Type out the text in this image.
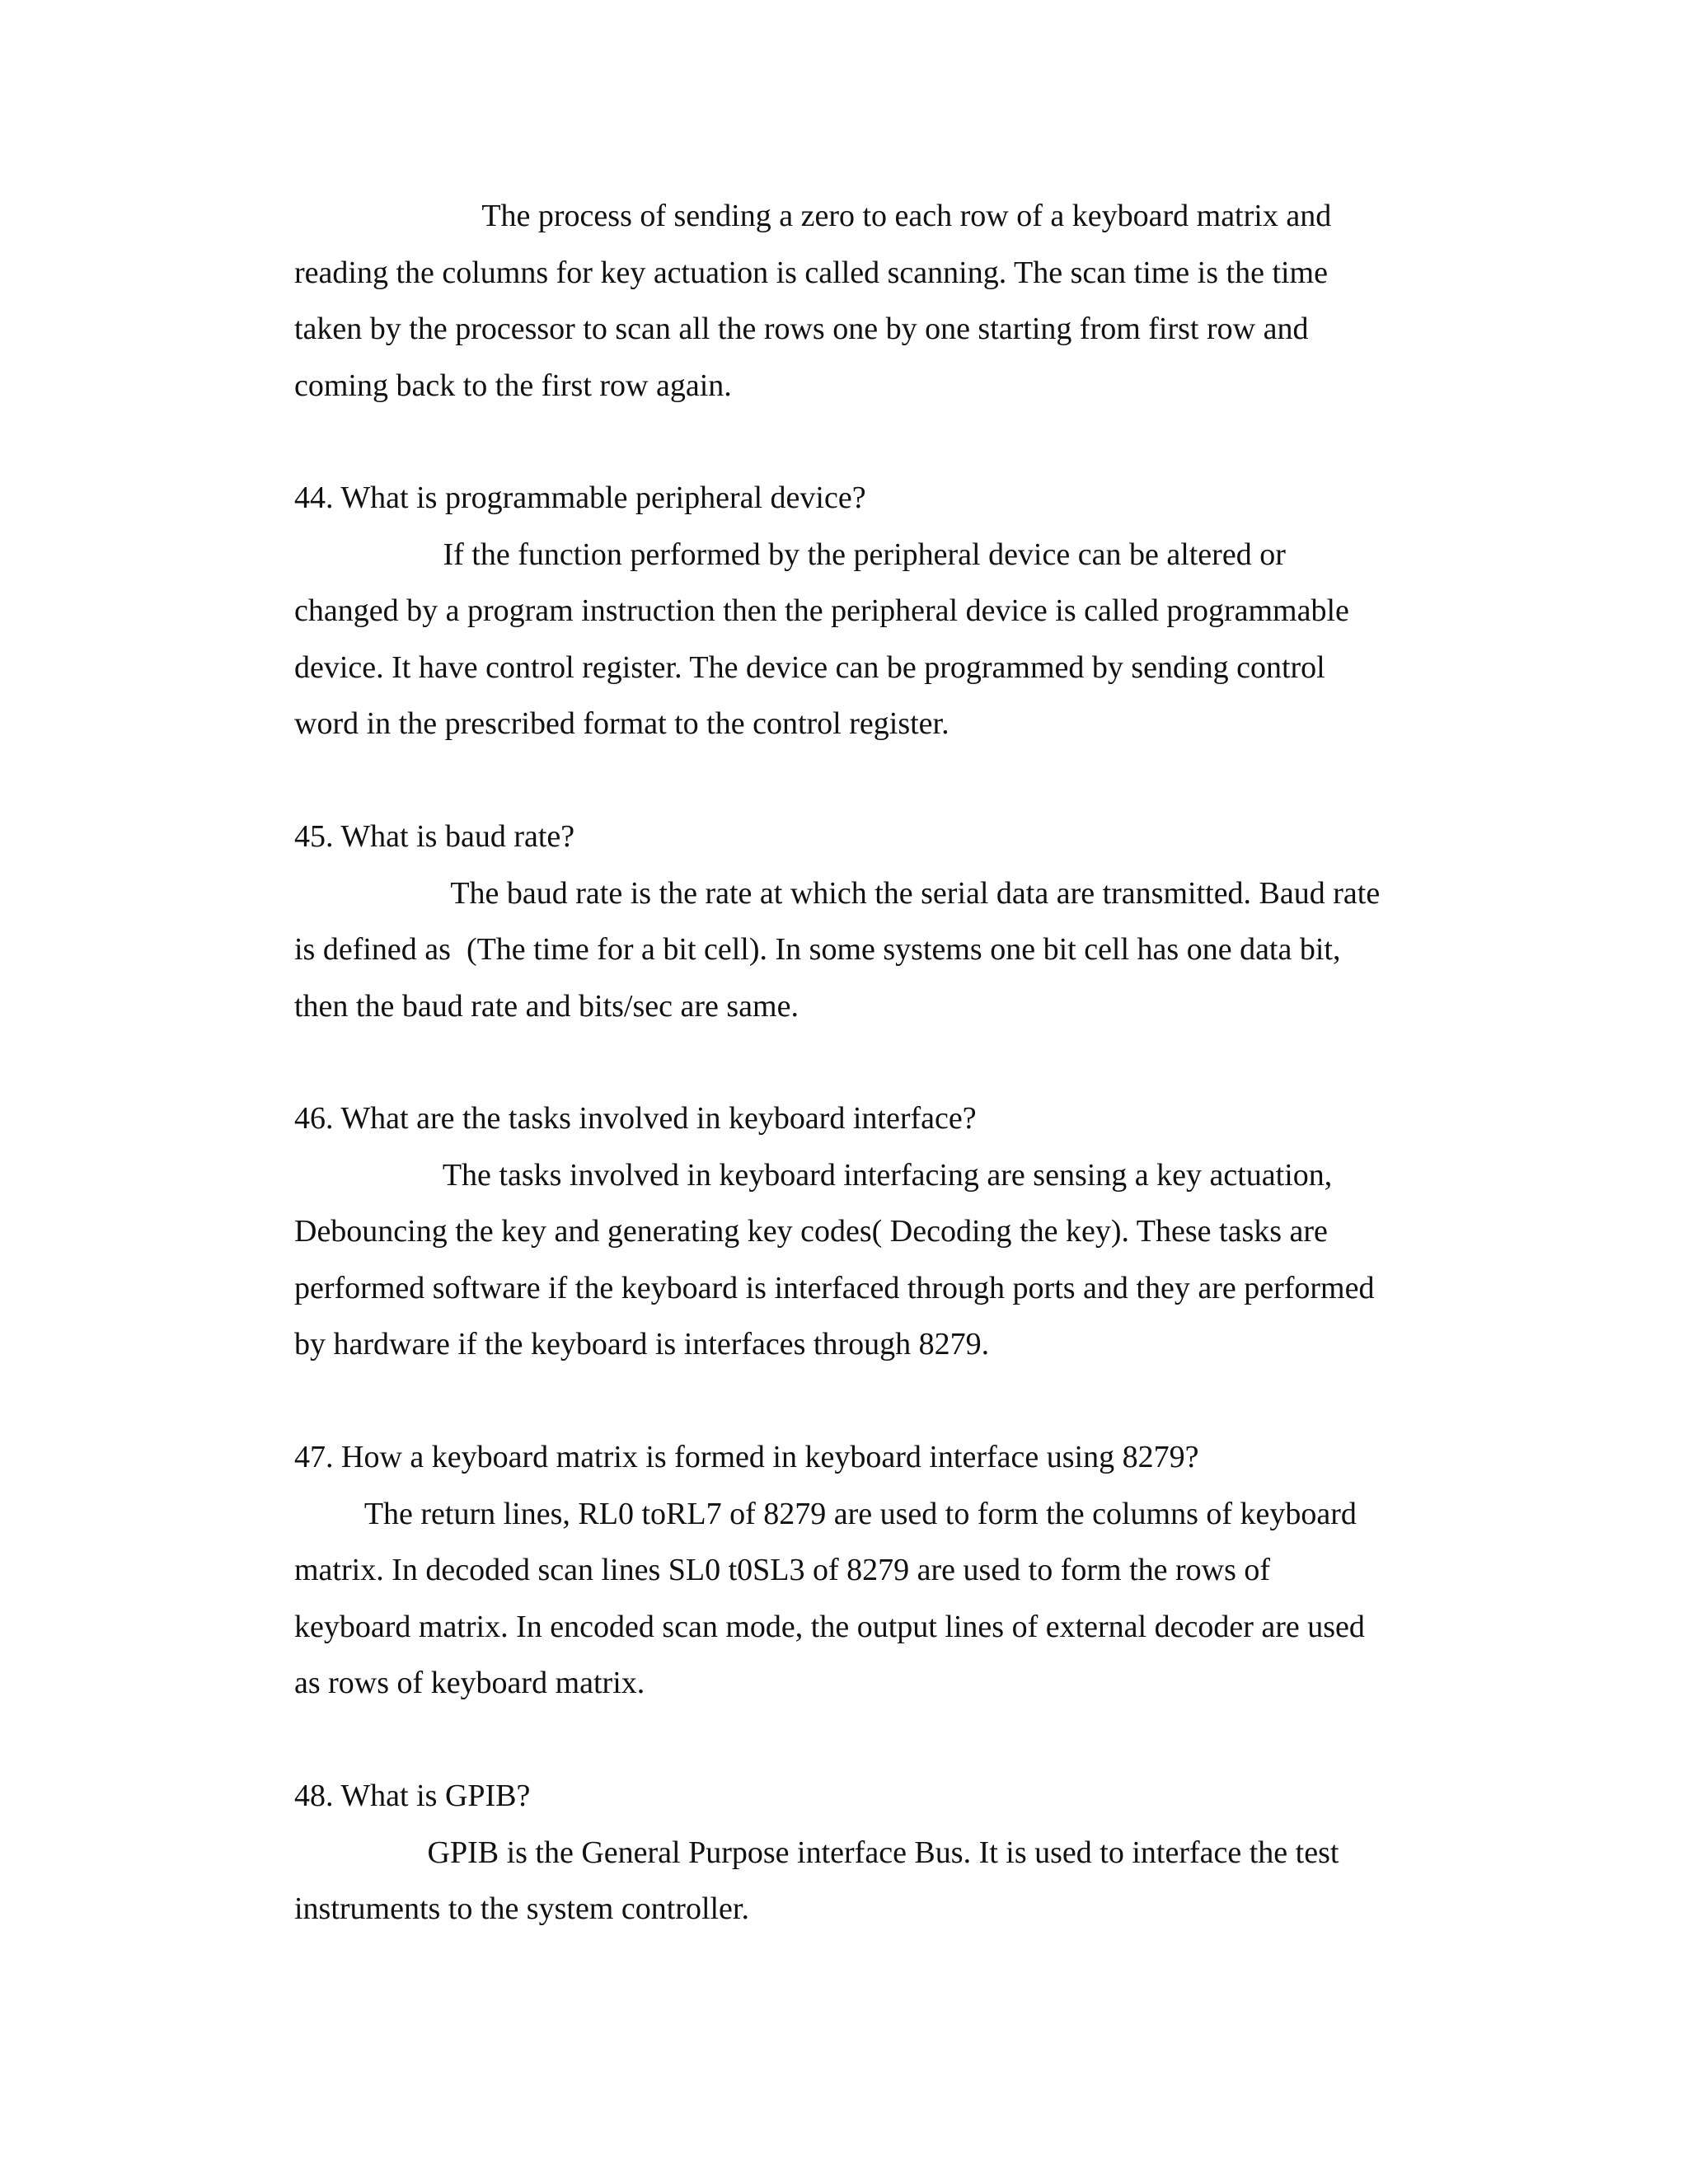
The process of sending a zero to each row of a keyboard matrix and
reading the columns for key actuation is called scanning. The scan time is the time
taken by the processor to scan all the rows one by one starting from first row and
coming back to the first row again.
44. What is programmable peripheral device?
If the function performed by the peripheral device can be altered or
changed by a program instruction then the peripheral device is called programmable
device. It have control register. The device can be programmed by sending control
word in the prescribed format to the control register.
45. What is baud rate?
The baud rate is the rate at which the serial data are transmitted. Baud rate
is defined as  (The time for a bit cell). In some systems one bit cell has one data bit,
then the baud rate and bits/sec are same.
46. What are the tasks involved in keyboard interface?
The tasks involved in keyboard interfacing are sensing a key actuation,
Debouncing the key and generating key codes( Decoding the key). These tasks are
performed software if the keyboard is interfaced through ports and they are performed
by hardware if the keyboard is interfaces through 8279.
47. How a keyboard matrix is formed in keyboard interface using 8279?
The return lines, RL0 toRL7 of 8279 are used to form the columns of keyboard
matrix. In decoded scan lines SL0 t0SL3 of 8279 are used to form the rows of
keyboard matrix. In encoded scan mode, the output lines of external decoder are used
as rows of keyboard matrix.
48. What is GPIB?
GPIB is the General Purpose interface Bus. It is used to interface the test
instruments to the system controller.
